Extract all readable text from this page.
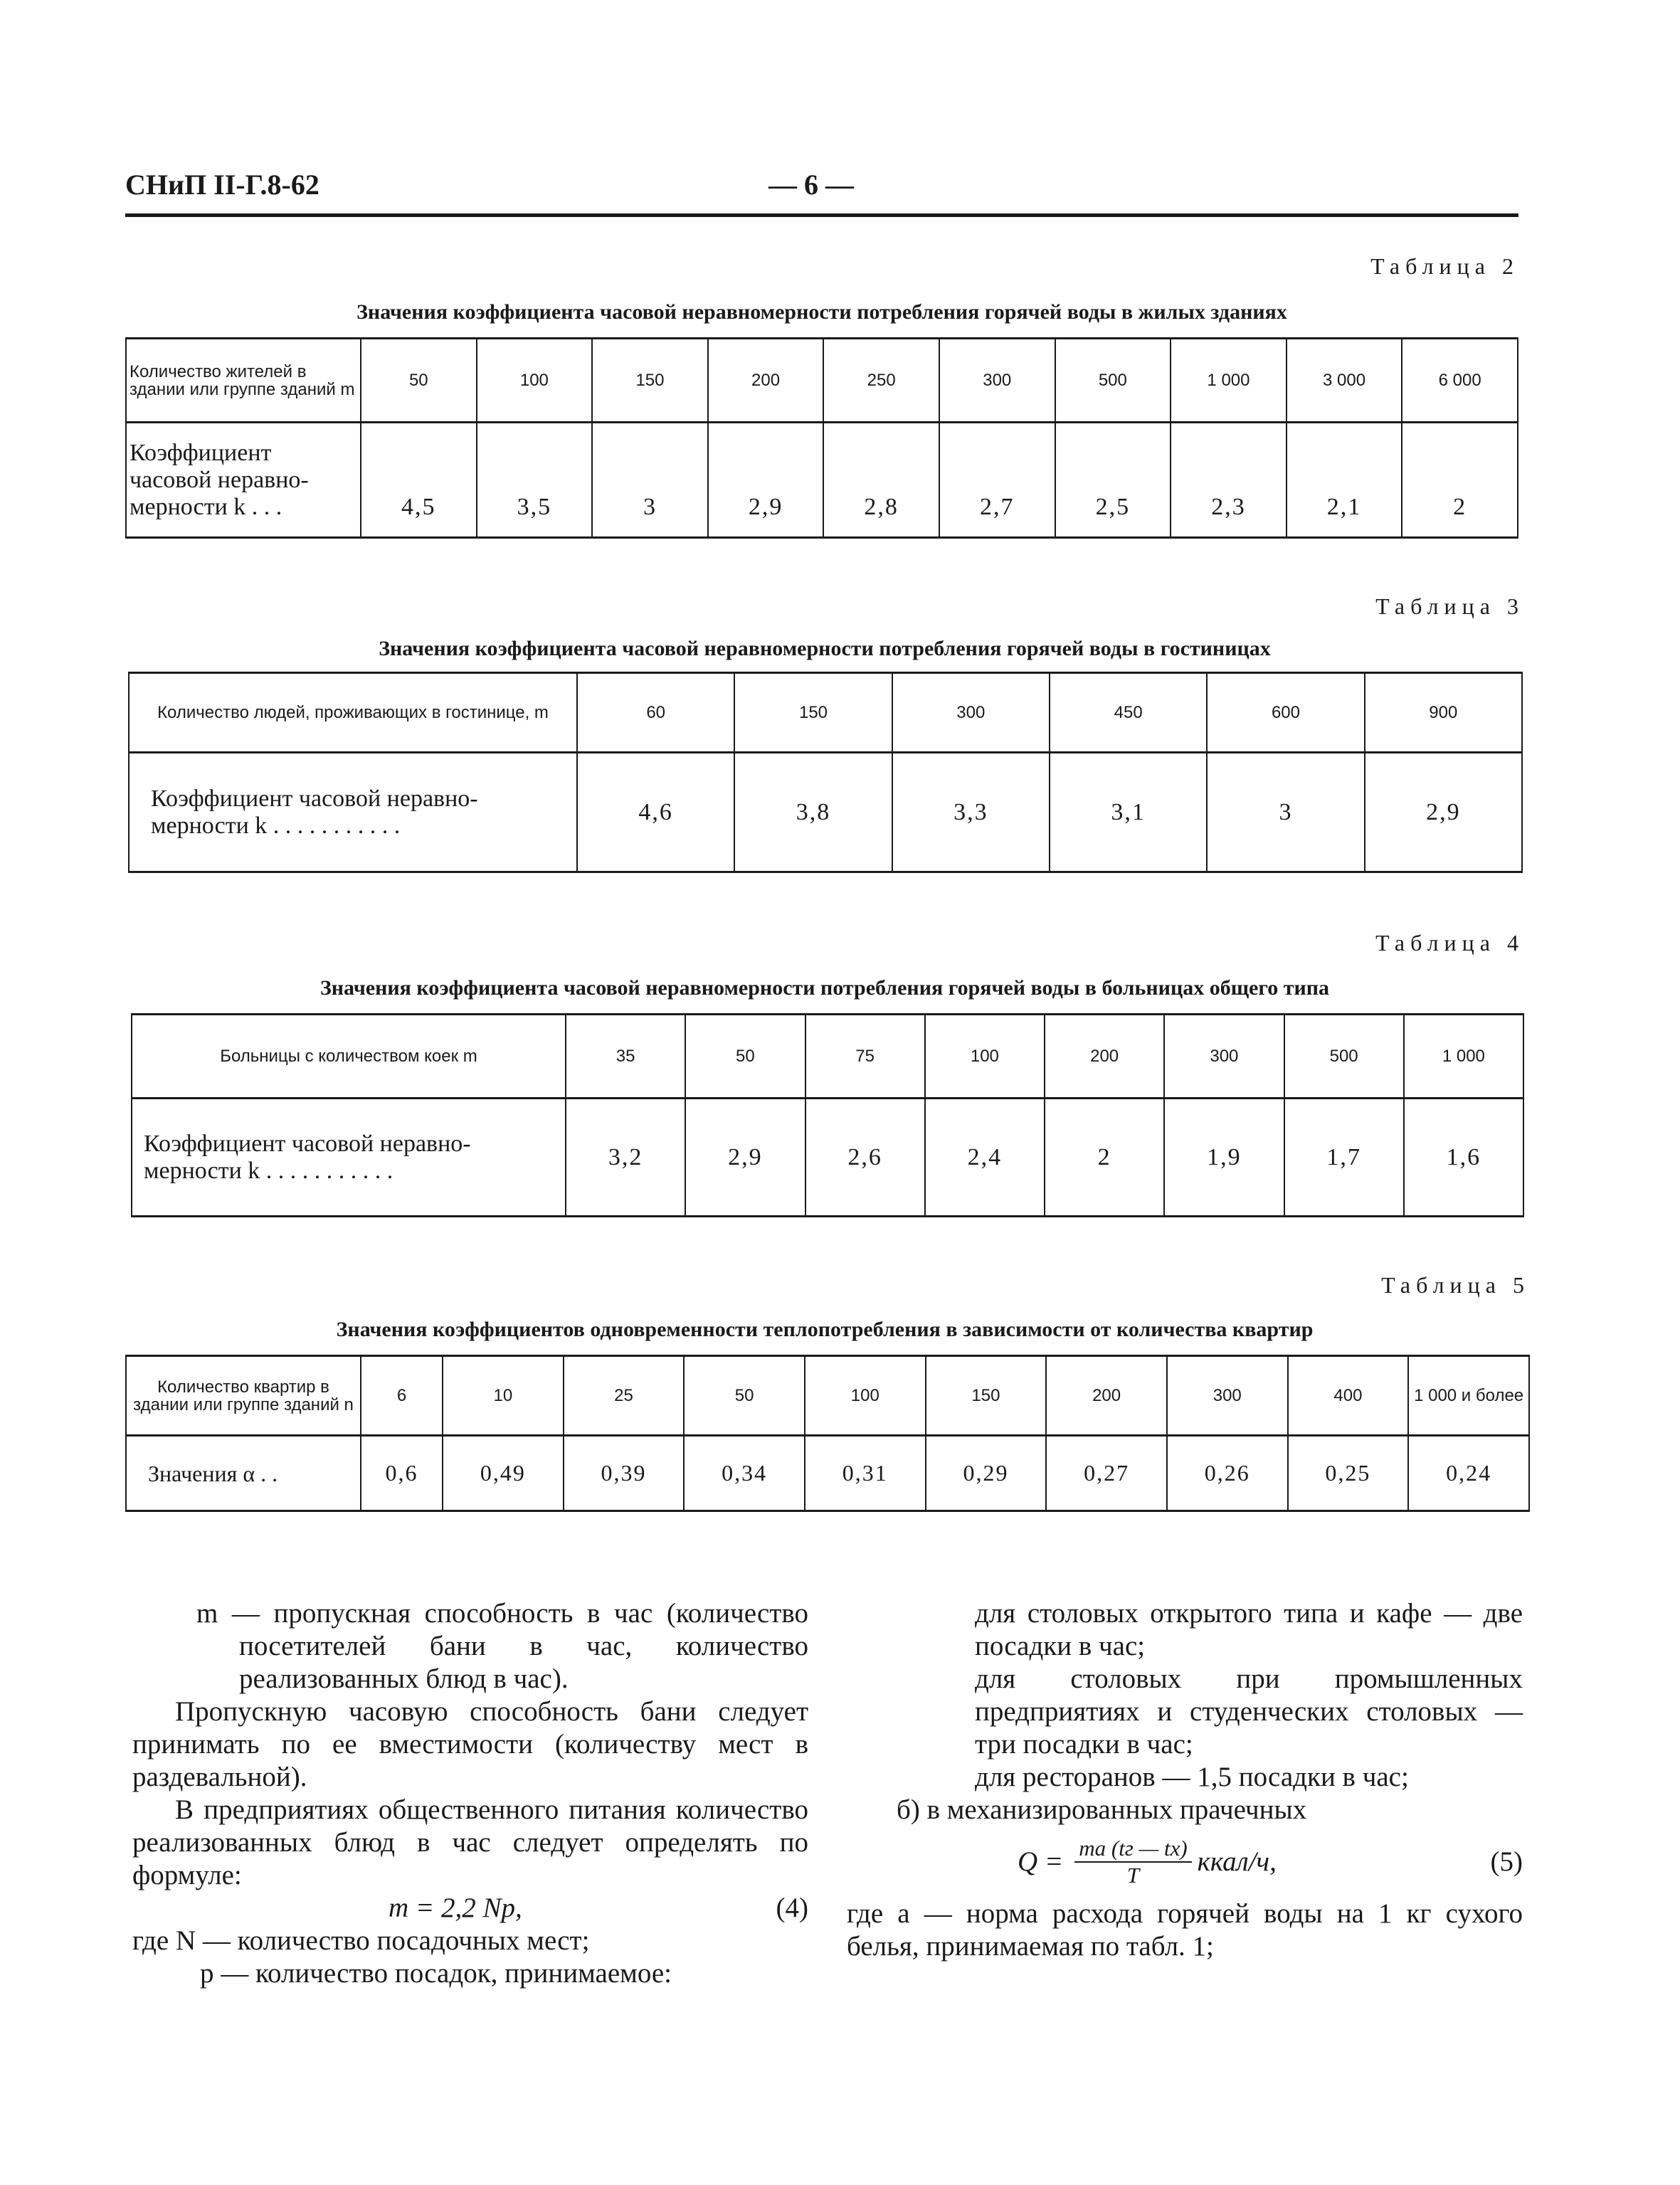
СНиП II-Г.8-62	— 6 —
Таблица 2
Значения коэффициента часовой неравномерности потребления горячей воды в жилых зданиях
Количество жителей в здании или группе зданий m	50	100	150	200	250	300	500	1 000	3 000	6 000
Коэффициент часовой неравно-мерности k . . .	4,5	3,5	3	2,9	2,8	2,7	2,5	2,3	2,1	2
Таблица 3
Значения коэффициента часовой неравномерности потребления горячей воды в гостиницах
Количество людей, проживающих в гостинице, m	60	150	300	450	600	900
Коэффициент часовой неравно-мерности k . . . . . . . . . . .	4,6	3,8	3,3	3,1	3	2,9
Таблица 4
Значения коэффициента часовой неравномерности потребления горячей воды в больницах общего типа
Больницы с количеством коек m	35	50	75	100	200	300	500	1 000
Коэффициент часовой неравно-мерности k . . . . . . . . . . .	3,2	2,9	2,6	2,4	2	1,9	1,7	1,6
Таблица 5
Значения коэффициентов одновременности теплопотребления в зависимости от количества квартир
Количество квартир в здании или группе зданий n	6	10	25	50	100	150	200	300	400	1 000 и более
Значения α . .	0,6	0,49	0,39	0,34	0,31	0,29	0,27	0,26	0,25	0,24

m — пропускная способность в час (количество посетителей бани в час, количество реализованных блюд в час).

Пропускную часовую способность бани следует принимать по ее вместимости (количеству мест в раздевальной).

В предприятиях общественного питания количество реализованных блюд в час следует определять по формуле:

m = 2,2 Np,	(4)

где N — количество посадочных мест;

p — количество посадок, принимаемое:

для столовых открытого типа и кафе — две посадки в час;

для столовых при промышленных предприятиях и студенческих столовых — три посадки в час;

для ресторанов — 1,5 посадки в час;

б) в механизированных прачечных

Q = ma (tг — tх)
T ккал/ч,	(5)

где a — норма расхода горячей воды на 1 кг сухого белья, принимаемая по табл. 1;
